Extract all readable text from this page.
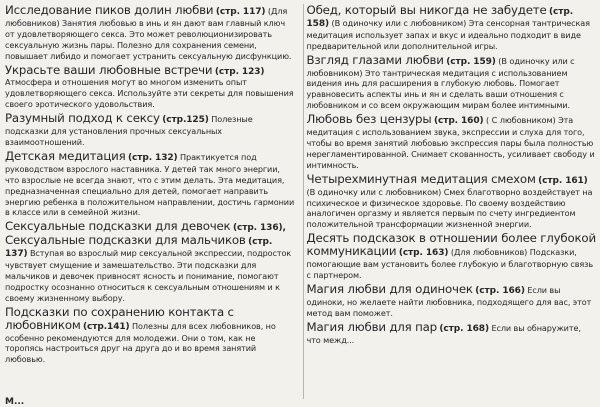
Исследование пиков долин любви (стр. 117) (Для любовников) Занятия любовью в инь и ян дают вам главный ключ от удовлетворяющего секса. Это может революционизировать сексуальную жизнь пары. Полезно для сохранения семени, повышает либидо и помогает устранить сексуальную дисфункцию.

Украсьте ваши любовные встречи (стр. 123) Атмосфера и отношения могут во многом изменить опыт удовлетворяющего секса. Используйте эти секреты для повышения своего эротического удовольствия.

Разумный подход к сексу (стр.125) Полезные подсказки для установления прочных сексуальных взаимоотношений.

Детская медитация (стр. 132) Практикуется под руководством взрослого наставника. У детей так много энергии, что взрослые не всегда знают, что с этим делать. Эта медитация, предназначенная специально для детей, помогает направить энергию ребенка в положительном направлении, достичь гармонии в классе или в семейной жизни.

Сексуальные подсказки для девочек (стр. 136), Сексуальные подсказки для мальчиков (стр. 137) Вступая во взрослый мир сексуальной экспрессии, подросток чувствует смущение и замешательство. Эти подсказки для мальчиков и девочек привносят ясность и понимание, помогают подростку осознанно относиться к сексуальным отношениям и к своему жизненному выбору.

Подсказки по сохранению контакта с любовником (стр.141) Полезны для всех любовников, но особенно рекомендуются для молодежи. Они о том, как не торопясь настроиться друг на друга до и во время занятий любовью.

Обед, который вы никогда не забудете (стр. 158) (В одиночку или с любовником) Эта сенсорная тантрическая медитация использует запах и вкус и идеально подходит в виде предварительной или дополнительной игры.

Взгляд глазами любви (стр. 159) (В одиночку или с любовником) Это тантрическая медитация с использованием видения инь для расширения в глубокую любовь. Помогает уравновесить аспекты инь и ян и сделать ваши отношения с любовником и со всем окружающим мирам более интимными.

Любовь без цензуры (стр. 160) ( С любовником) Эта медитация с использованием звука, экспрессии и слуха для того, чтобы во время занятий любовью экспрессия пары была полностью нерегламентированной. Снимает скованность, усиливает свободу и интимность.

Четырехминутная медитация смехом (стр. 161) (В одиночку или с любовником) Смех благотворно воздействует на психическое и физическое здоровье. По своему воздействию аналогичен оргазму и является первым по счету ингредиентом положительной трансформации жизненной энергии.

Десять подсказок в отношении более глубокой коммуникации (стр. 163) (Для любовников) Подсказки, помогающие вам установить более глубокую и благотворную связь с партнером.

Магия любви для одиночек (стр. 166) Если вы одиноки, но желаете найти любовника, подходящего для вас, этот метод вам поможет.

Магия любви для пар (стр. 168) Если вы обнаружите, что межд...

М...
